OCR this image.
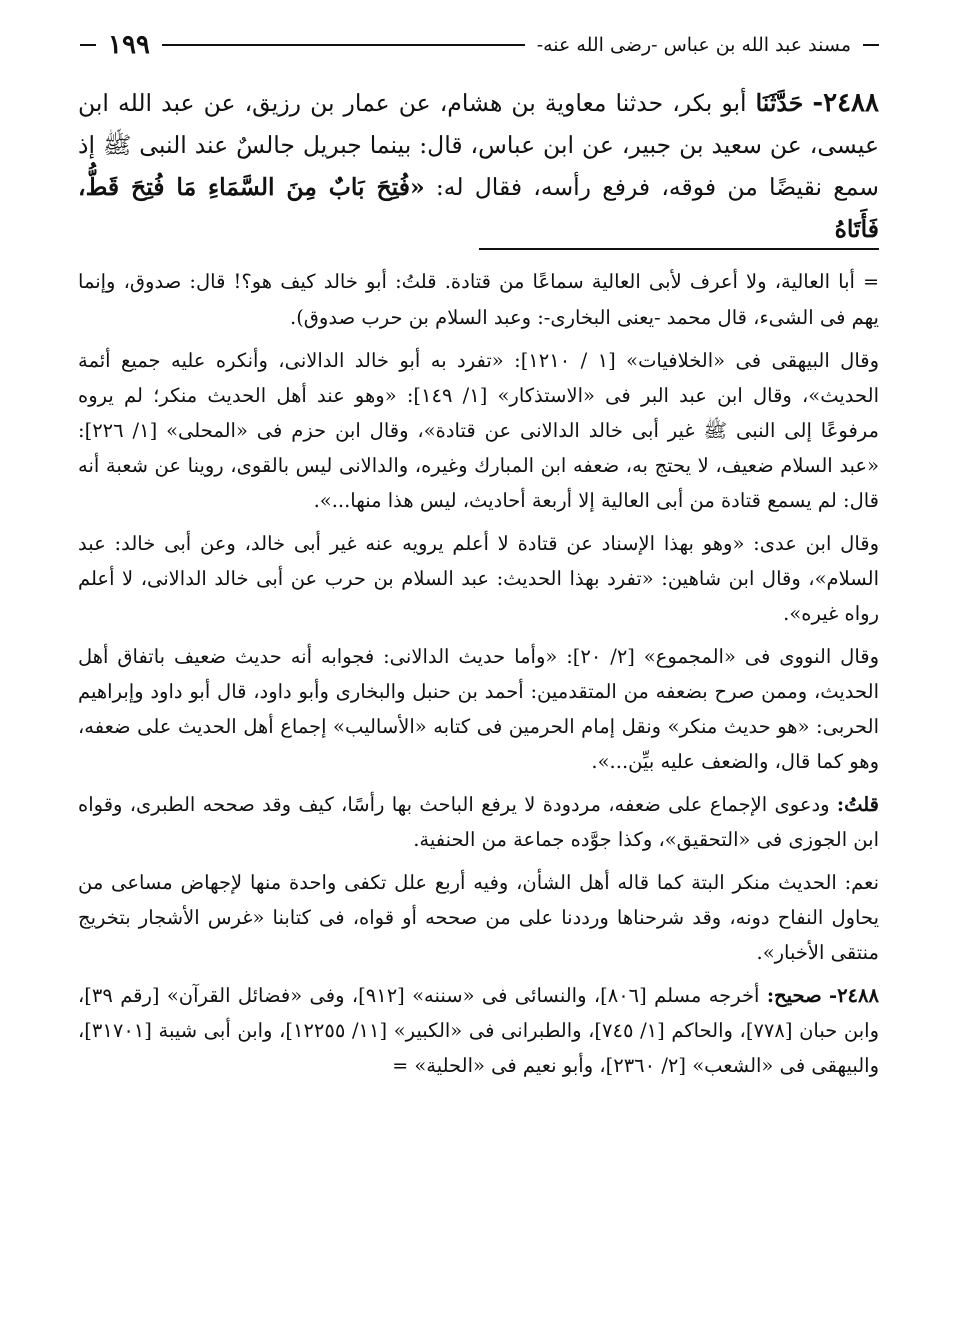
مسند عبد الله بن عباس -رضى الله عنه-
١٩٩
٢٤٨٨- حَدَّثَنَا أبو بكر، حدثنا معاوية بن هشام، عن عمار بن رزيق، عن عبد الله ابن عيسى، عن سعيد بن جبير، عن ابن عباس، قال: بينما جبريل جالسٌ عند النبى ﷺ إذ سمع نقيضًا من فوقه، فرفع رأسه، فقال له: «فُتِحَ بَابٌ مِنَ السَّمَاءِ مَا فُتِحَ قَطُّ، فَأَتَاهُ

= أبا العالية، ولا أعرف لأبى العالية سماعًا من قتادة. قلتُ: أبو خالد كيف هو؟! قال: صدوق، وإنما يهم فى الشىء، قال محمد -يعنى البخارى-: وعبد السلام بن حرب صدوق).

وقال البيهقى فى «الخلافيات» [١ / ١٢١٠]: «تفرد به أبو خالد الدالانى، وأنكره عليه جميع أئمة الحديث»، وقال ابن عبد البر فى «الاستذكار» [١/ ١٤٩]: «وهو عند أهل الحديث منكر؛ لم يروه مرفوعًا إلى النبى ﷺ غير أبى خالد الدالانى عن قتادة»، وقال ابن حزم فى «المحلى» [١/ ٢٢٦]: «عبد السلام ضعيف، لا يحتج به، ضعفه ابن المبارك وغيره، والدالانى ليس بالقوى، روينا عن شعبة أنه قال: لم يسمع قتادة من أبى العالية إلا أربعة أحاديث، ليس هذا منها...».

وقال ابن عدى: «وهو بهذا الإسناد عن قتادة لا أعلم يرويه عنه غير أبى خالد، وعن أبى خالد: عبد السلام»، وقال ابن شاهين: «تفرد بهذا الحديث: عبد السلام بن حرب عن أبى خالد الدالانى، لا أعلم رواه غيره».

وقال النووى فى «المجموع» [٢/ ٢٠]: «وأما حديث الدالانى: فجوابه أنه حديث ضعيف باتفاق أهل الحديث، وممن صرح بضعفه من المتقدمين: أحمد بن حنبل والبخارى وأبو داود، قال أبو داود وإبراهيم الحربى: «هو حديث منكر» ونقل إمام الحرمين فى كتابه «الأساليب» إجماع أهل الحديث على ضعفه، وهو كما قال، والضعف عليه بيِّن...».

قلتُ: ودعوى الإجماع على ضعفه، مردودة لا يرفع الباحث بها رأسًا، كيف وقد صححه الطبرى، وقواه ابن الجوزى فى «التحقيق»، وكذا جوَّده جماعة من الحنفية.

نعم: الحديث منكر البتة كما قاله أهل الشأن، وفيه أربع علل تكفى واحدة منها لإجهاض مساعى من يحاول النفاح دونه، وقد شرحناها ورددنا على من صححه أو قواه، فى كتابنا «غرس الأشجار بتخريج منتقى الأخبار».

٢٤٨٨- صحيح: أخرجه مسلم [٨٠٦]، والنسائى فى «سننه» [٩١٢]، وفى «فضائل القرآن» [رقم ٣٩]، وابن حبان [٧٧٨]، والحاكم [١/ ٧٤٥]، والطبرانى فى «الكبير» [١١/ ١٢٢٥٥]، وابن أبى شيبة [٣١٧٠١]، والبيهقى فى «الشعب» [٢/ ٢٣٦٠]، وأبو نعيم فى «الحلية» =
